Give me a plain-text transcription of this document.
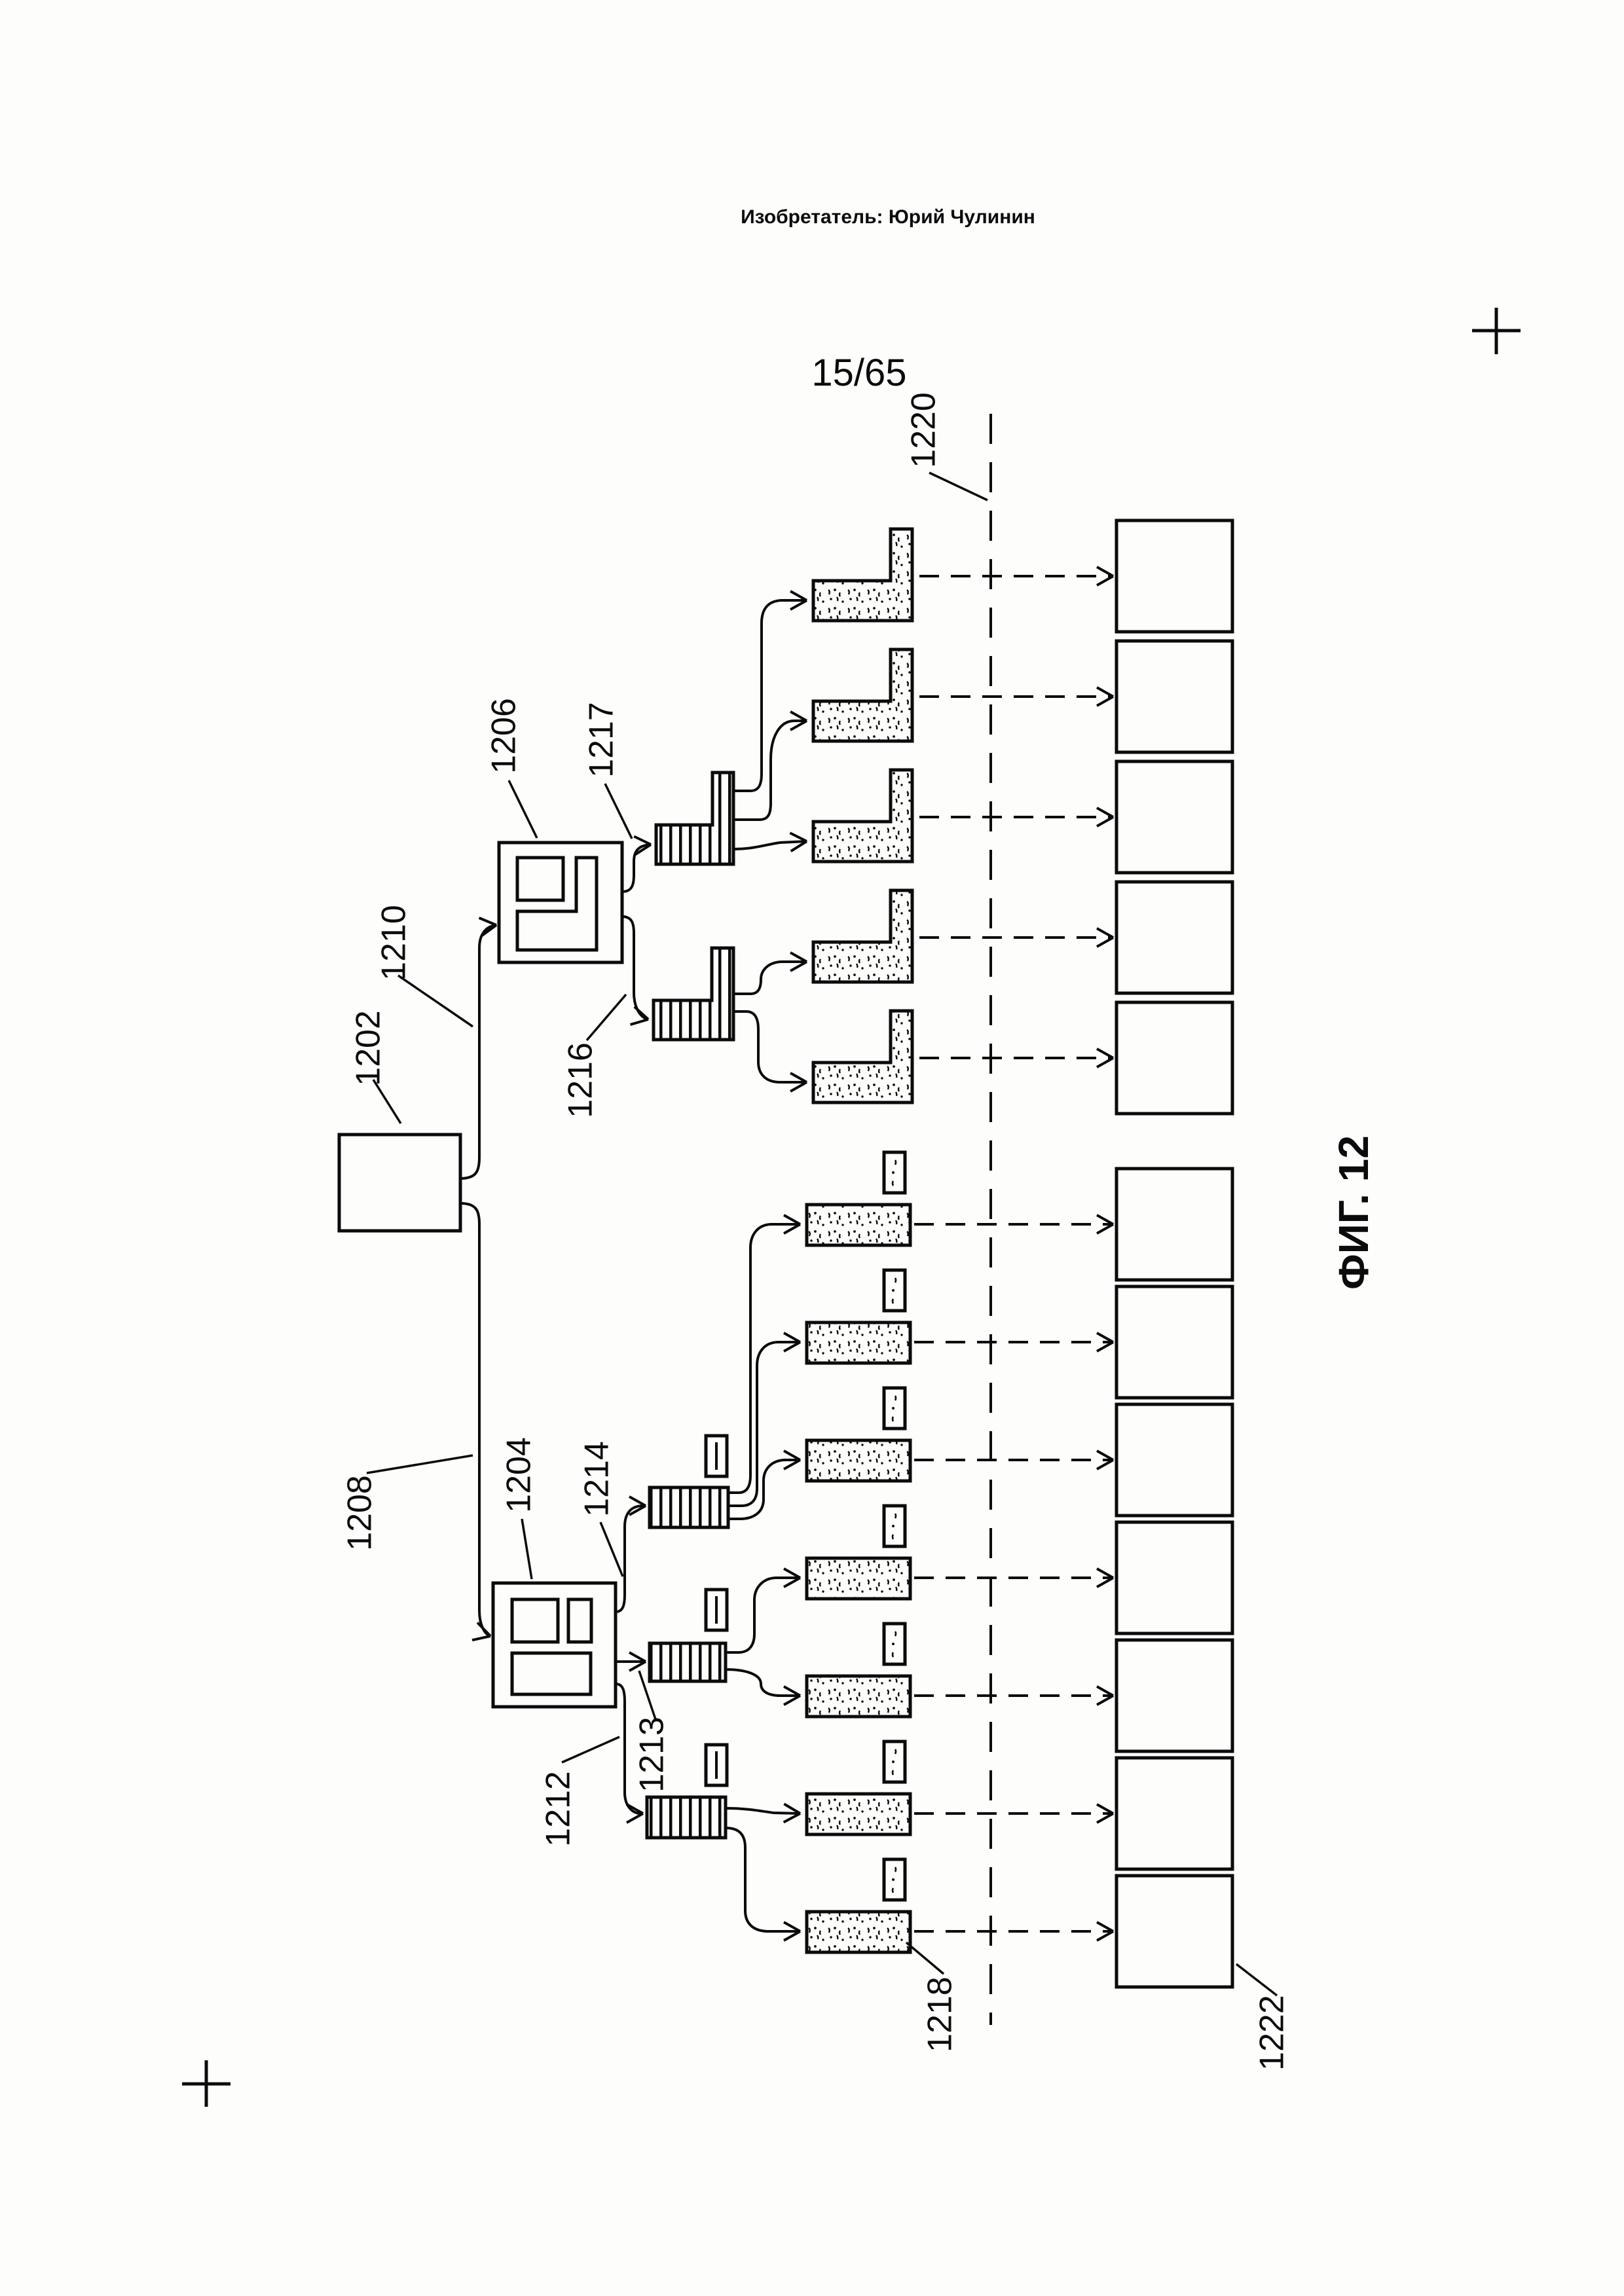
Изобретатель: Юрий Чулинин
15/65
ФИГ. 12
1202
1204
1206
1208
1210
1212
1213
1214
1216
1217
1218
1220
1222
